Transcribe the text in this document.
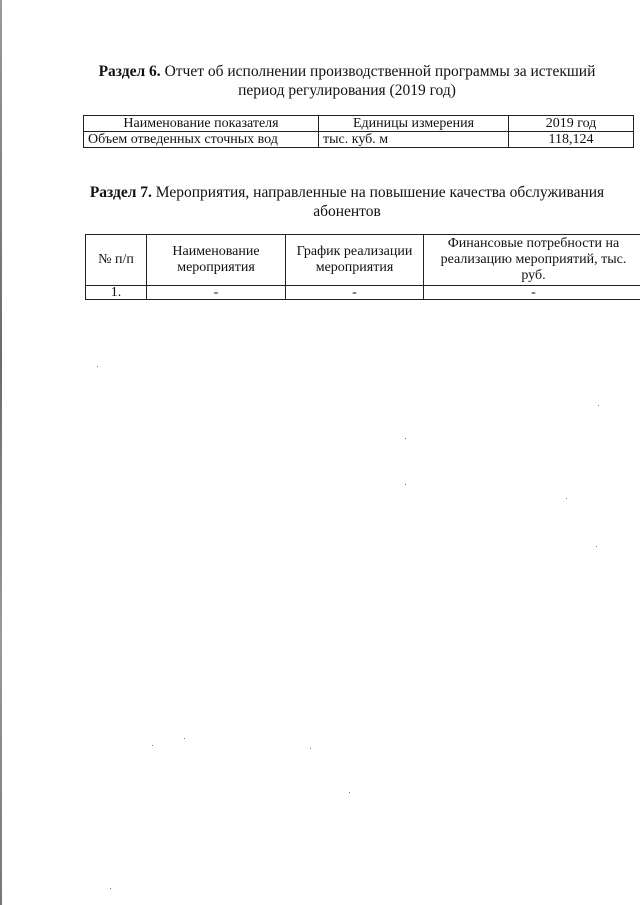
Раздел 6. Отчет об исполнении производственной программы за истекший период регулирования (2019 год)
Наименование показателя	Единицы измерения	2019 год
Объем отведенных сточных вод	тыс. куб. м	118,124
Раздел 7. Мероприятия, направленные на повышение качества обслуживания абонентов
№ п/п	Наименование мероприятия	График реализации мероприятия	Финансовые потребности на реализацию мероприятий, тыс. руб.
1.	-	-	-
